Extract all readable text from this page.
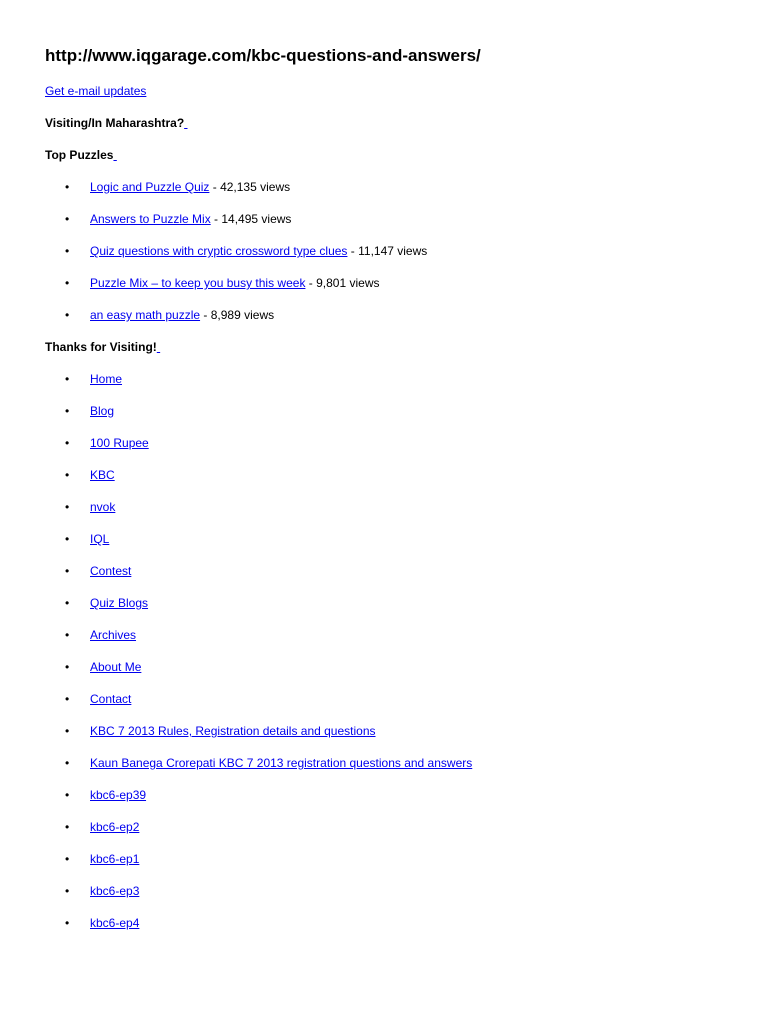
http://www.iqgarage.com/kbc-questions-and-answers/
Get e-mail updates
Visiting/In Maharashtra?
Top Puzzles
• Logic and Puzzle Quiz - 42,135 views
• Answers to Puzzle Mix - 14,495 views
• Quiz questions with cryptic crossword type clues - 11,147 views
• Puzzle Mix – to keep you busy this week - 9,801 views
• an easy math puzzle - 8,989 views
Thanks for Visiting!
• Home
• Blog
• 100 Rupee
• KBC
• nvok
• IQL
• Contest
• Quiz Blogs
• Archives
• About Me
• Contact
• KBC 7 2013 Rules, Registration details and questions
• Kaun Banega Crorepati KBC 7 2013 registration questions and answers
• kbc6-ep39
• kbc6-ep2
• kbc6-ep1
• kbc6-ep3
• kbc6-ep4
